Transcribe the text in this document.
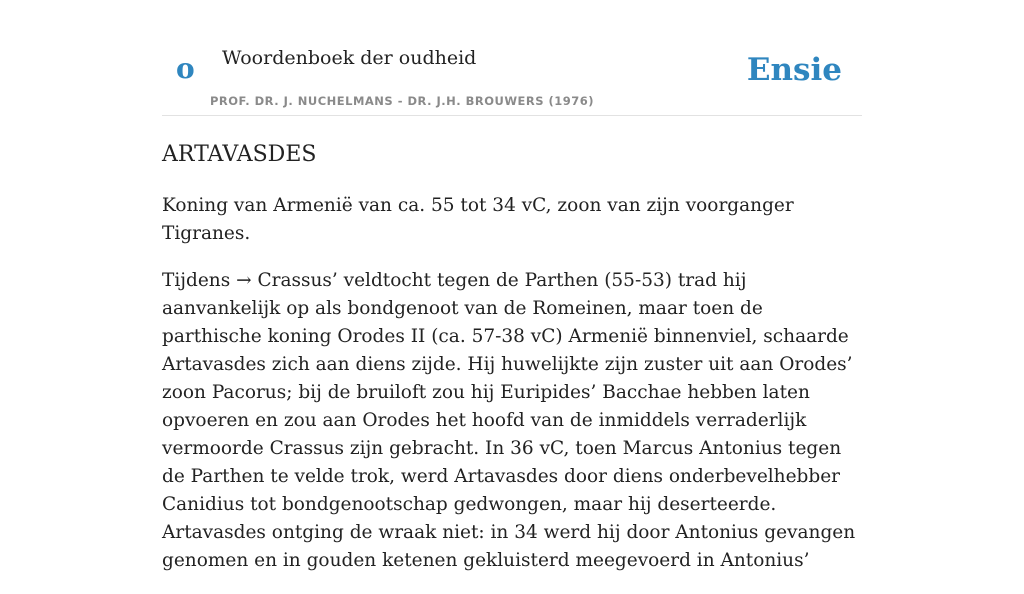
o Woordenboek der oudheid
PROF. DR. J. NUCHELMANS - DR. J.H. BROUWERS (1976)
Ensie
ARTAVASDES

Koning van Armenië van ca. 55 tot 34 vC, zoon van zijn voorganger Tigranes.

Tijdens → Crassus’ veldtocht tegen de Parthen (55-53) trad hij aanvankelijk op als bondgenoot van de Romeinen, maar toen de parthische koning Orodes II (ca. 57-38 vC) Armenië binnenviel, schaarde Artavasdes zich aan diens zijde. Hij huwelijkte zijn zuster uit aan Orodes’ zoon Pacorus; bij de bruiloft zou hij Euripides’ Bacchae hebben laten opvoeren en zou aan Orodes het hoofd van de inmiddels verraderlijk vermoorde Crassus zijn gebracht. In 36 vC, toen Marcus Antonius tegen de Parthen te velde trok, werd Artavasdes door diens onderbevelhebber Canidius tot bondgenootschap gedwongen, maar hij deserteerde. Artavasdes ontging de wraak niet: in 34 werd hij door Antonius gevangen genomen en in gouden ketenen gekluisterd meegevoerd in Antonius’
